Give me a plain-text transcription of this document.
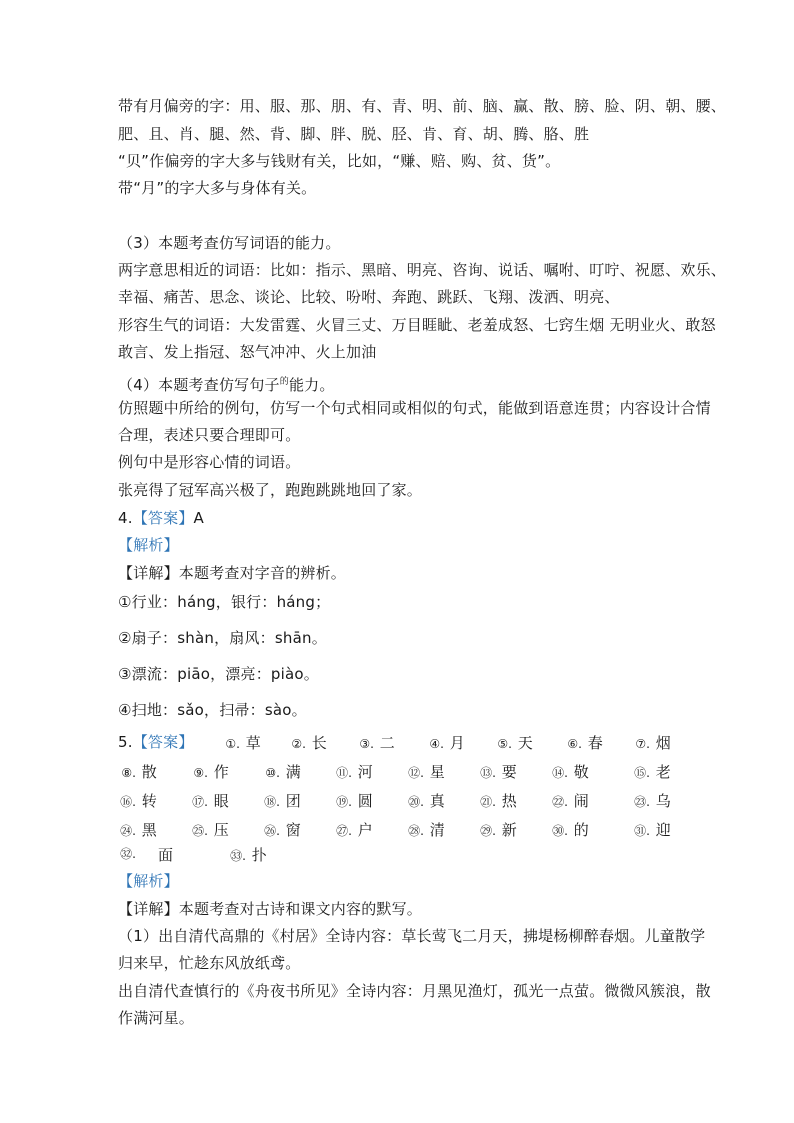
带有月偏旁的字：用、服、那、朋、有、青、明、前、脑、赢、散、膀、脸、阴、朝、腰、
肥、且、肖、腿、然、背、脚、胖、脱、胫、肯、育、胡、腾、胳、胜
“贝”作偏旁的字大多与钱财有关，比如，“赚、赔、购、贫、货”。
带“月”的字大多与身体有关。
（3）本题考查仿写词语的能力。
两字意思相近的词语：比如：指示、黑暗、明亮、咨询、说话、嘱咐、叮咛、祝愿、欢乐、
幸福、痛苦、思念、谈论、比较、吩咐、奔跑、跳跃、飞翔、泼洒、明亮、
形容生气的词语：大发雷霆、火冒三丈、万目睚眦、老羞成怒、七窍生烟 无明业火、敢怒
敢言、发上指冠、怒气冲冲、火上加油
（4）本题考查仿写句子$^的$能力。
仿照题中所给的例句，仿写一个句式相同或相似的句式，能做到语意连贯；内容设计合情
合理，表述只要合理即可。
例句中是形容心情的词语。
张亮得了冠军高兴极了，跑跑跳跳地回了家。
4.【答案】A
【解析】
【详解】本题考查对字音的辨析。
①行业：háng，银行：háng；
②扇子：shàn，扇风：shān。
③漂流：piāo，漂亮：piào。
④扫地：sǎo，扫帚：sào。
5.【答案】	①. 草	②. 长	③. 二	④. 月	⑤. 天	⑥. 春	⑦. 烟
⑧. 散	⑨. 作	⑩. 满	⑪. 河	⑫. 星	⑬. 要	⑭. 敬	⑮. 老
⑯. 转	⑰. 眼	⑱. 团	⑲. 圆	⑳. 真	㉑. 热	㉒. 闹	㉓. 乌
㉔. 黑	㉕. 压	㉖. 窗	㉗. 户	㉘. 清	㉙. 新	㉚. 的	㉛. 迎
㉜. 面	㉝. 扑
【解析】
【详解】本题考查对古诗和课文内容的默写。
（1）出自清代高鼎的《村居》全诗内容：草长莺飞二月天，拂堤杨柳醉春烟。儿童散学
归来早，忙趁东风放纸鸢。
出自清代查慎行的《舟夜书所见》全诗内容：月黑见渔灯，孤光一点萤。微微风簇浪，散
作满河星。
